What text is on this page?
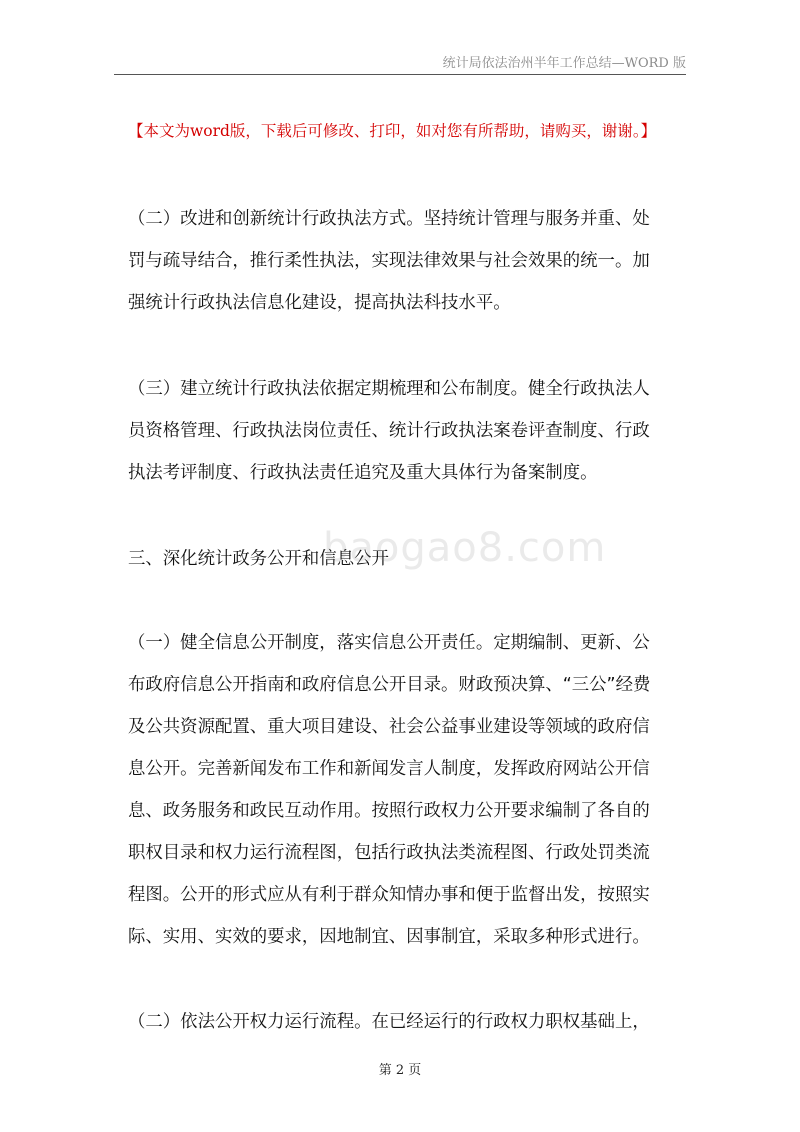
统计局依法治州半年工作总结—WORD 版
【本文为word版，下载后可修改、打印，如对您有所帮助，请购买，谢谢。】
（二）改进和创新统计行政执法方式。坚持统计管理与服务并重、处
罚与疏导结合，推行柔性执法，实现法律效果与社会效果的统一。加
强统计行政执法信息化建设，提高执法科技水平。
（三）建立统计行政执法依据定期梳理和公布制度。健全行政执法人
员资格管理、行政执法岗位责任、统计行政执法案卷评查制度、行政
执法考评制度、行政执法责任追究及重大具体行为备案制度。
三、深化统计政务公开和信息公开
（一）健全信息公开制度，落实信息公开责任。定期编制、更新、公
布政府信息公开指南和政府信息公开目录。财政预决算、“三公”经费
及公共资源配置、重大项目建设、社会公益事业建设等领域的政府信
息公开。完善新闻发布工作和新闻发言人制度，发挥政府网站公开信
息、政务服务和政民互动作用。按照行政权力公开要求编制了各自的
职权目录和权力运行流程图，包括行政执法类流程图、行政处罚类流
程图。公开的形式应从有利于群众知情办事和便于监督出发，按照实
际、实用、实效的要求，因地制宜、因事制宜，采取多种形式进行。
（二）依法公开权力运行流程。在已经运行的行政权力职权基础上，
baogao8.com
第 2 页
